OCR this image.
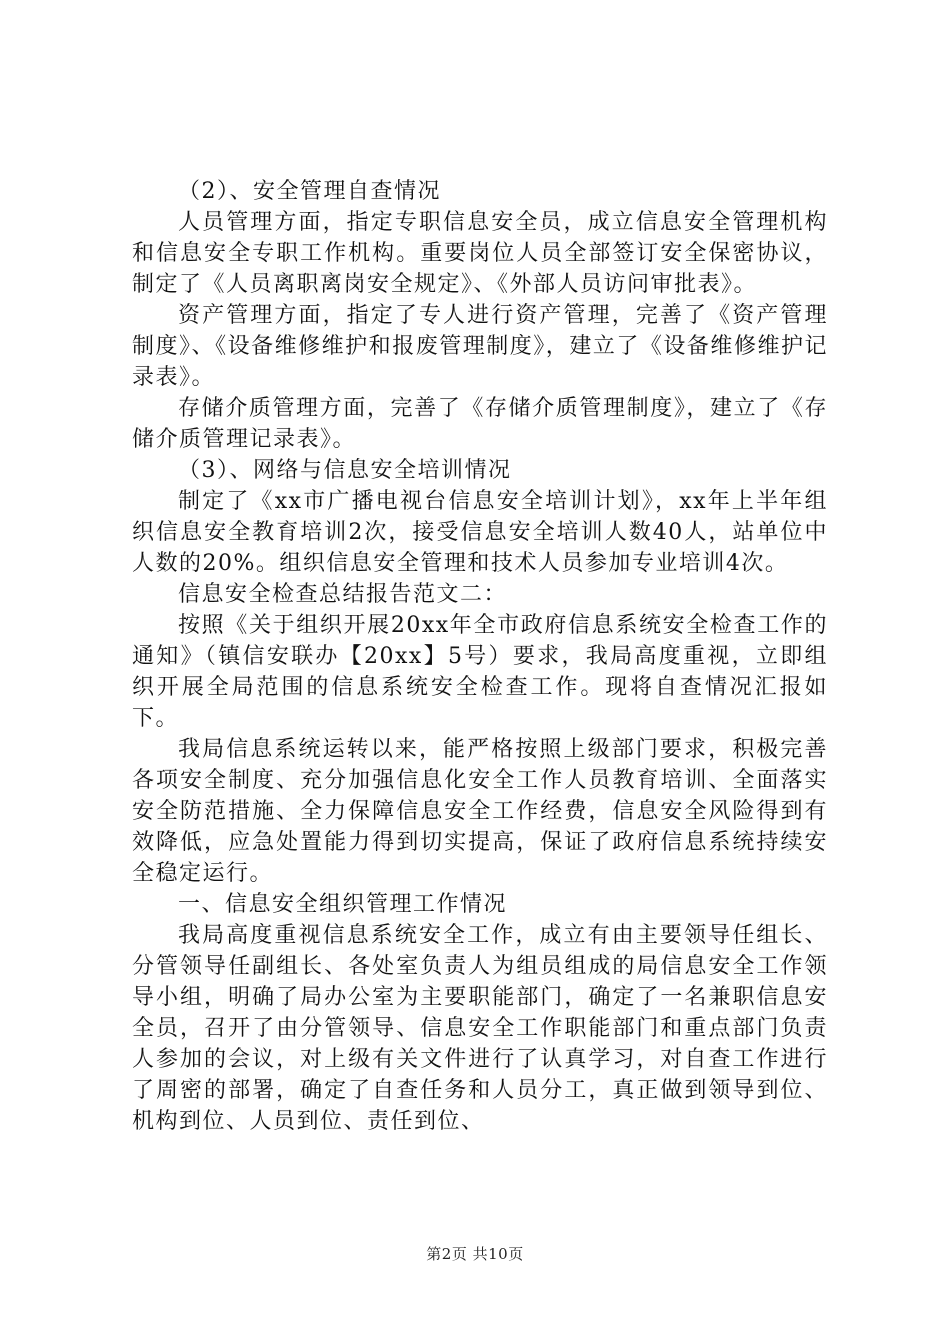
（2）、安全管理自查情况

人员管理方面，指定专职信息安全员，成立信息安全管理机构和信息安全专职工作机构。重要岗位人员全部签订安全保密协议，制定了《人员离职离岗安全规定》、《外部人员访问审批表》。

资产管理方面，指定了专人进行资产管理，完善了《资产管理制度》、《设备维修维护和报废管理制度》，建立了《设备维修维护记录表》。

存储介质管理方面，完善了《存储介质管理制度》，建立了《存储介质管理记录表》。

（3）、网络与信息安全培训情况

制定了《xx市广播电视台信息安全培训计划》，xx年上半年组织信息安全教育培训2次，接受信息安全培训人数40人，站单位中人数的20%。组织信息安全管理和技术人员参加专业培训4次。

信息安全检查总结报告范文二：

按照《关于组织开展20xx年全市政府信息系统安全检查工作的通知》（镇信安联办【20xx】5号）要求，我局高度重视，立即组织开展全局范围的信息系统安全检查工作。现将自查情况汇报如下。

我局信息系统运转以来，能严格按照上级部门要求，积极完善各项安全制度、充分加强信息化安全工作人员教育培训、全面落实安全防范措施、全力保障信息安全工作经费，信息安全风险得到有效降低，应急处置能力得到切实提高，保证了政府信息系统持续安全稳定运行。

一、信息安全组织管理工作情况

我局高度重视信息系统安全工作，成立有由主要领导任组长、分管领导任副组长、各处室负责人为组员组成的局信息安全工作领导小组，明确了局办公室为主要职能部门，确定了一名兼职信息安全员，召开了由分管领导、信息安全工作职能部门和重点部门负责人参加的会议，对上级有关文件进行了认真学习，对自查工作进行了周密的部署，确定了自查任务和人员分工，真正做到领导到位、机构到位、人员到位、责任到位、

第2页 共10页
